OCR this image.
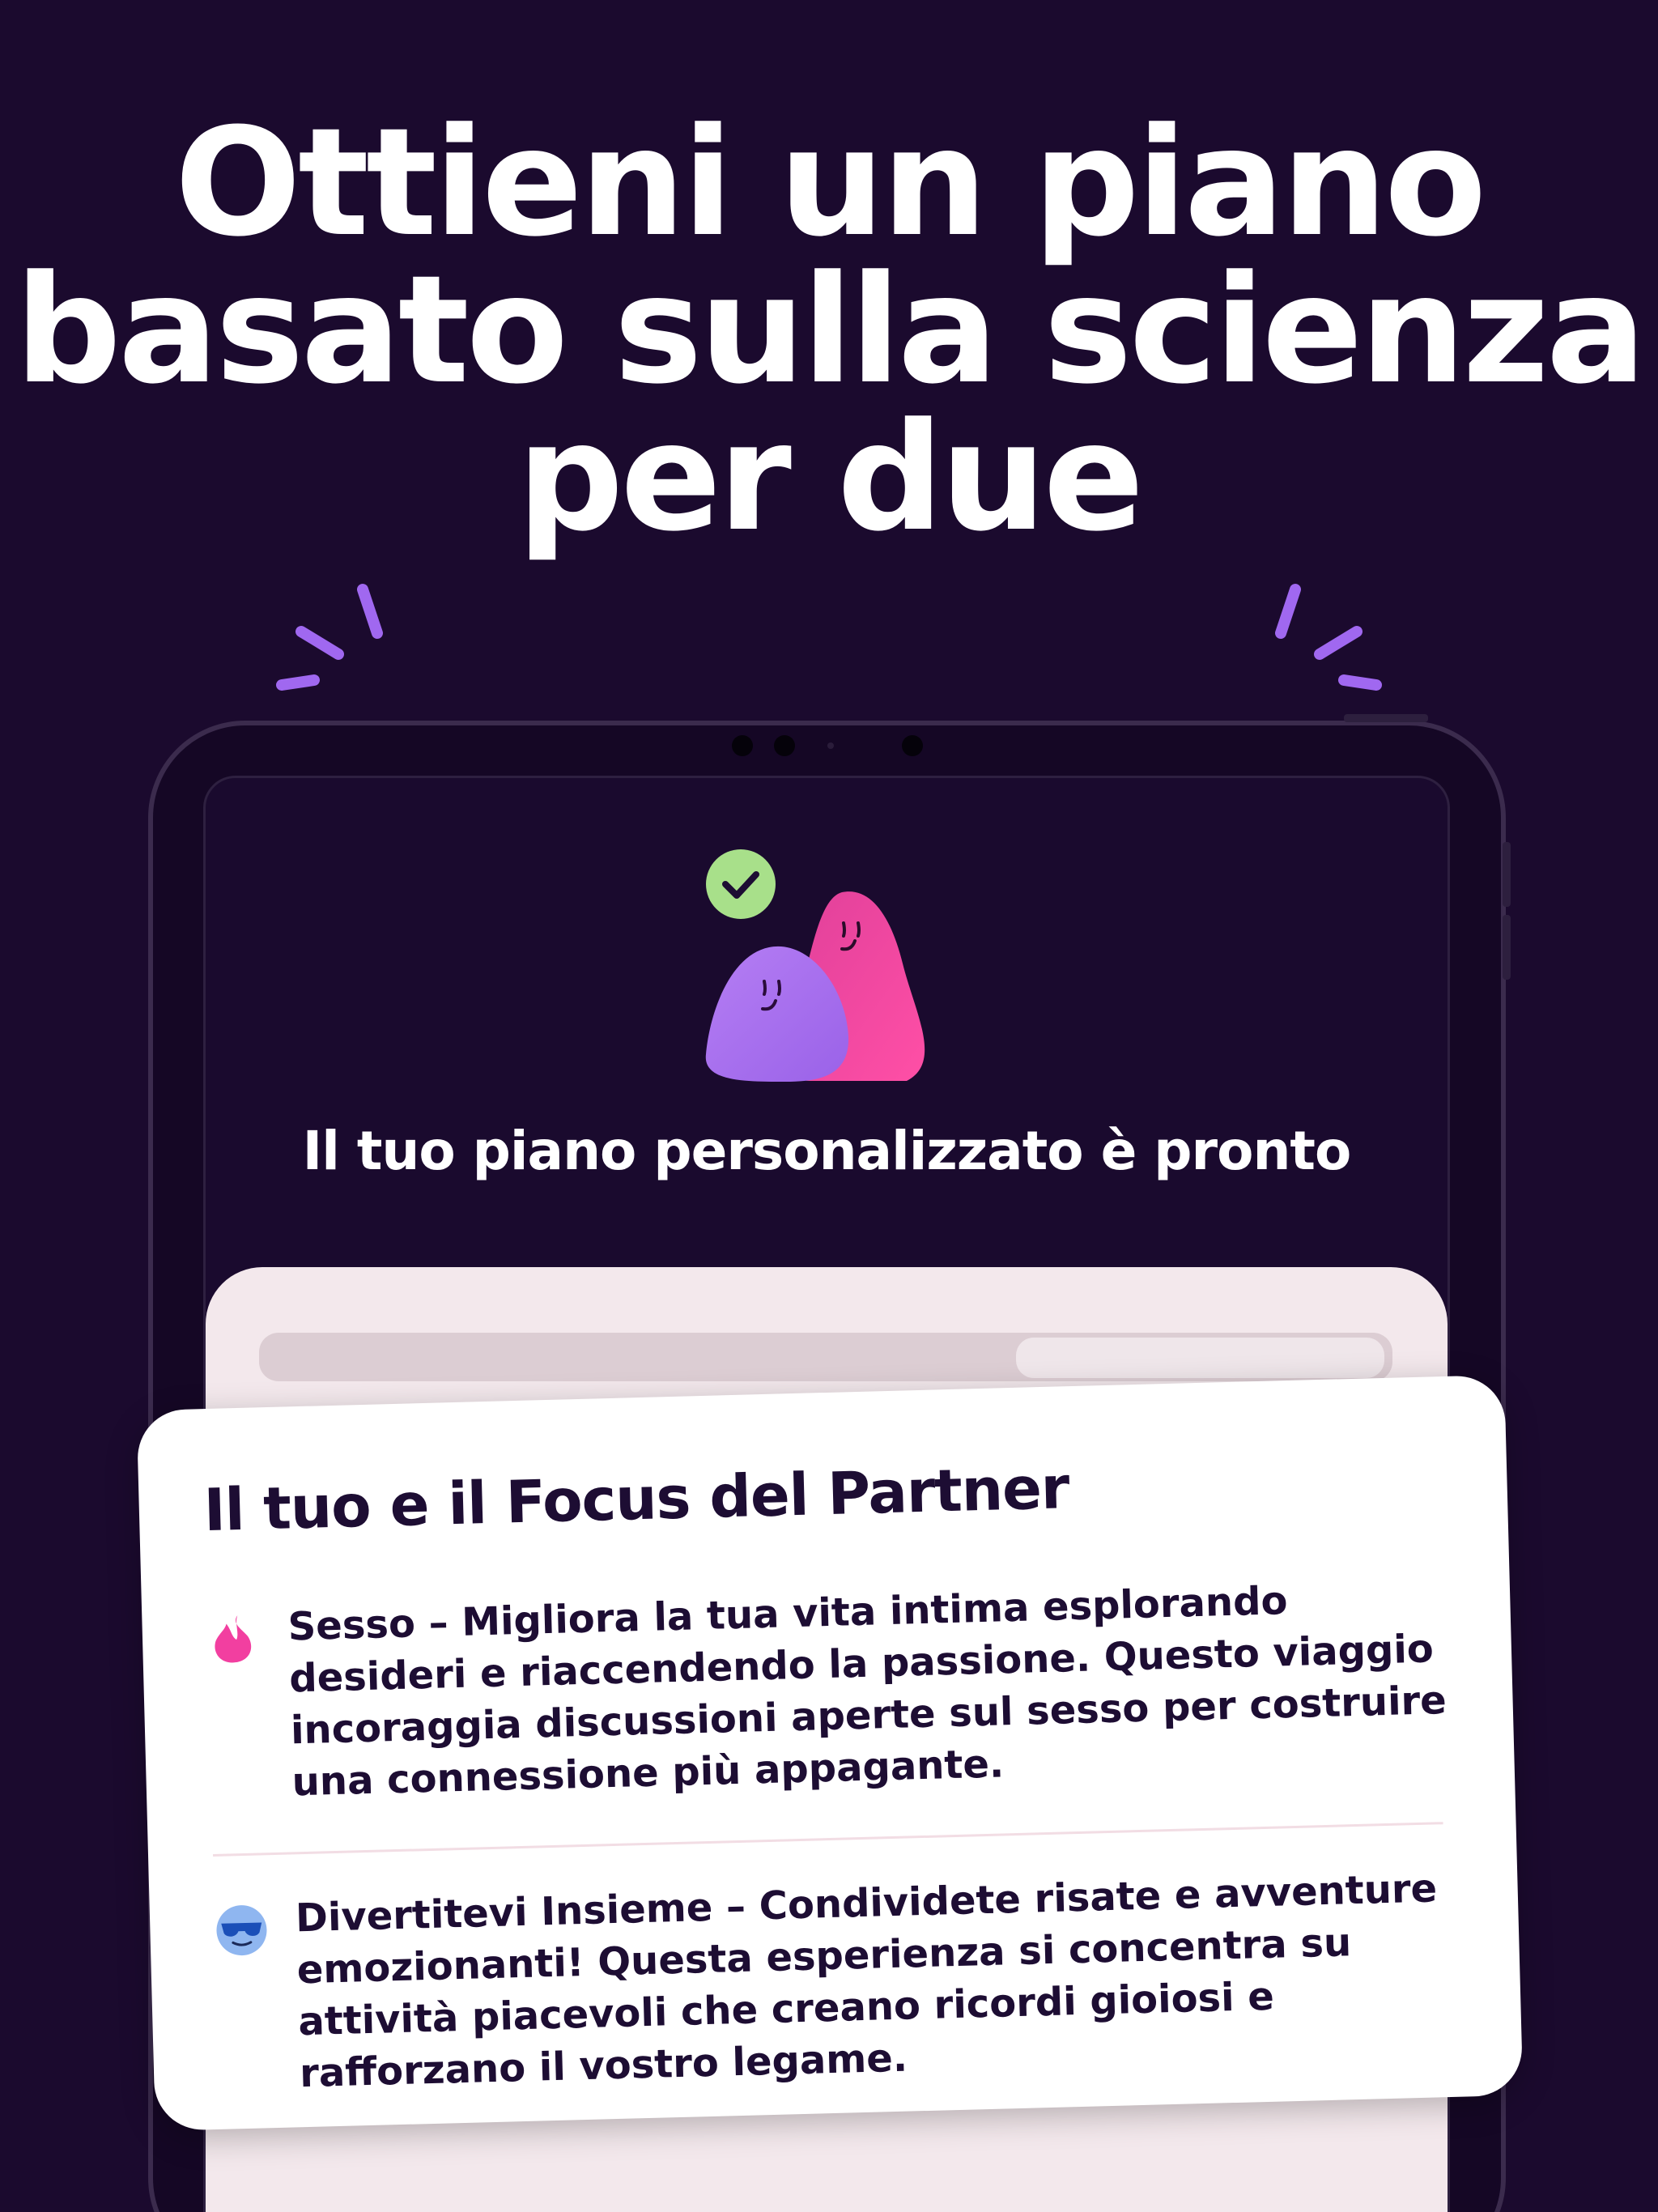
Ottieni un piano
basato sulla scienza
per due
Il tuo piano personalizzato è pronto
Il tuo e il Focus del Partner

Sesso – Migliora la tua vita intima esplorando desideri e riaccendendo la passione. Questo viaggio incoraggia discussioni aperte sul sesso per costruire una connessione più appagante.

Divertitevi Insieme – Condividete risate e avventure emozionanti! Questa esperienza si concentra su attività piacevoli che creano ricordi gioiosi e rafforzano il vostro legame.
